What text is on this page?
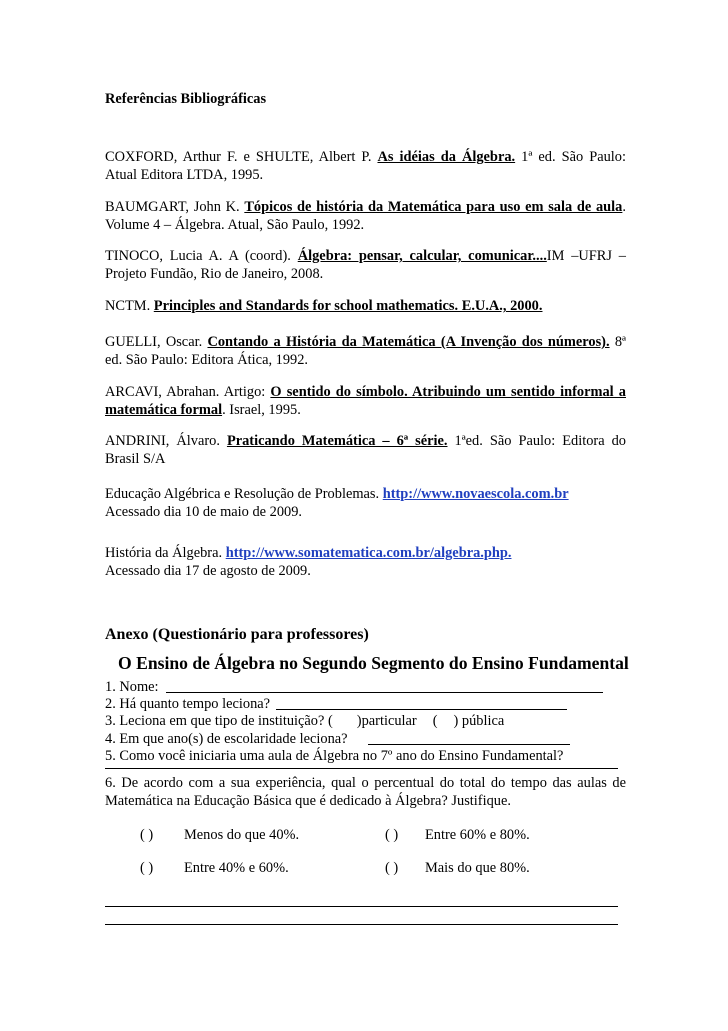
Referências Bibliográficas

COXFORD, Arthur F. e SHULTE, Albert P. As idéias da Álgebra. 1ª ed. São Paulo: Atual Editora LTDA, 1995.

BAUMGART, John K. Tópicos de história da Matemática para uso em sala de aula. Volume 4 – Álgebra. Atual, São Paulo, 1992.

TINOCO, Lucia A. A (coord). Álgebra: pensar, calcular, comunicar....IM –UFRJ – Projeto Fundão, Rio de Janeiro, 2008.

NCTM. Principles and Standards for school mathematics. E.U.A., 2000.

GUELLI, Oscar. Contando a História da Matemática (A Invenção dos números). 8ª ed. São Paulo: Editora Ática, 1992.

ARCAVI, Abrahan. Artigo: O sentido do símbolo. Atribuindo um sentido informal a matemática formal. Israel, 1995.

ANDRINI, Álvaro. Praticando Matemática – 6ª série. 1ªed. São Paulo: Editora do Brasil S/A

Educação Algébrica e Resolução de Problemas. http://www.novaescola.com.br

Acessado dia 10 de maio de 2009.

História da Álgebra. http://www.somatematica.com.br/algebra.php.

Acessado dia 17 de agosto de 2009.

Anexo (Questionário para professores)
O Ensino de Álgebra no Segundo Segmento do Ensino Fundamental
1. Nome:
2. Há quanto tempo leciona?
3. Leciona em que tipo de instituição? ( )particular ( ) pública
4. Em que ano(s) de escolaridade leciona?
5. Como você iniciaria uma aula de Álgebra no 7º ano do Ensino Fundamental?
6. De acordo com a sua experiência, qual o percentual do total do tempo das aulas de Matemática na Educação Básica que é dedicado à Álgebra? Justifique.
( ) Menos do que 40%.	( ) Entre 60% e 80%.
( ) Entre 40% e 60%.	( ) Mais do que 80%.
